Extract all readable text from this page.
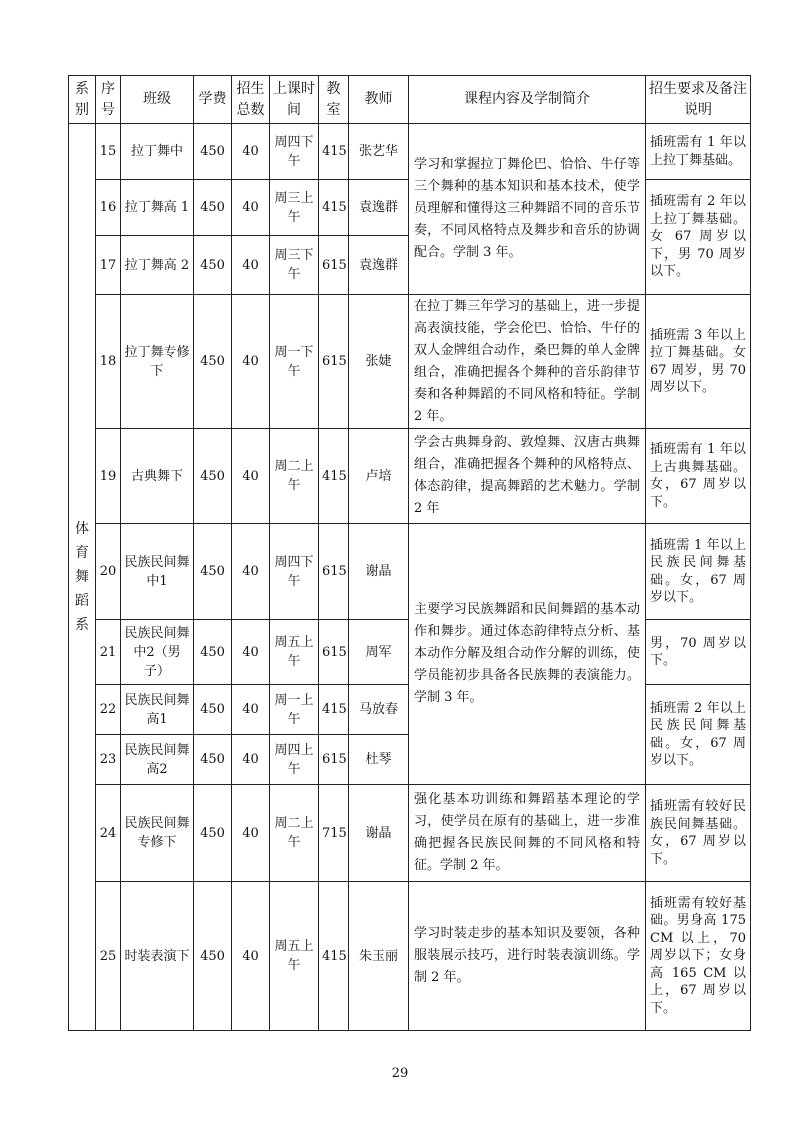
系别	序号	班级	学费	招生总数	上课时间	教室	教师	课程内容及学制简介	招生要求及备注说明
体育舞蹈系	15	拉丁舞中	450	40	周四下午	415	张艺华	学习和掌握拉丁舞伦巴、恰恰、牛仔等三个舞种的基本知识和基本技术，使学员理解和懂得这三种舞蹈不同的音乐节奏，不同风格特点及舞步和音乐的协调配合。学制 3 年。	插班需有 1 年以上拉丁舞基础。
	16	拉丁舞高 1	450	40	周三上午	415	袁逸群		插班需有 2 年以上拉丁舞基础。女 67 周岁以下，男 70 周岁以下。
	17	拉丁舞高 2	450	40	周三下午	615	袁逸群		
	18	拉丁舞专修下	450	40	周一下午	615	张婕	在拉丁舞三年学习的基础上，进一步提高表演技能，学会伦巴、恰恰、牛仔的双人金牌组合动作，桑巴舞的单人金牌组合，准确把握各个舞种的音乐韵律节奏和各种舞蹈的不同风格和特征。学制 2 年。	插班需 3 年以上拉丁舞基础。女 67 周岁，男 70 周岁以下。
	19	古典舞下	450	40	周二上午	415	卢培	学会古典舞身韵、敦煌舞、汉唐古典舞组合，准确把握各个舞种的风格特点、体态韵律，提高舞蹈的艺术魅力。学制 2 年	插班需有 1 年以上古典舞基础。女，67 周岁以下。
	20	民族民间舞中1	450	40	周四下午	615	谢晶	主要学习民族舞蹈和民间舞蹈的基本动作和舞步。通过体态韵律特点分析、基本动作分解及组合动作分解的训练，使学员能初步具备各民族舞的表演能力。学制 3 年。	插班需 1 年以上民族民间舞基础。女，67 周岁以下。
	21	民族民间舞中2（男子）	450	40	周五上午	615	周军		男，70 周岁以下。
	22	民族民间舞高1	450	40	周一上午	415	马放春		插班需 2 年以上民族民间舞基础。女，67 周岁以下。
	23	民族民间舞高2	450	40	周四上午	615	杜琴		
	24	民族民间舞专修下	450	40	周二上午	715	谢晶	强化基本功训练和舞蹈基本理论的学习，使学员在原有的基础上，进一步准确把握各民族民间舞的不同风格和特征。学制 2 年。	插班需有较好民族民间舞基础。女，67 周岁以下。
	25	时装表演下	450	40	周五上午	415	朱玉丽	学习时装走步的基本知识及要领，各种服装展示技巧，进行时装表演训练。学制 2 年。	插班需有较好基础。男身高 175 CM 以上，70 周岁以下；女身高 165 CM 以上，67 周岁以下。
29
